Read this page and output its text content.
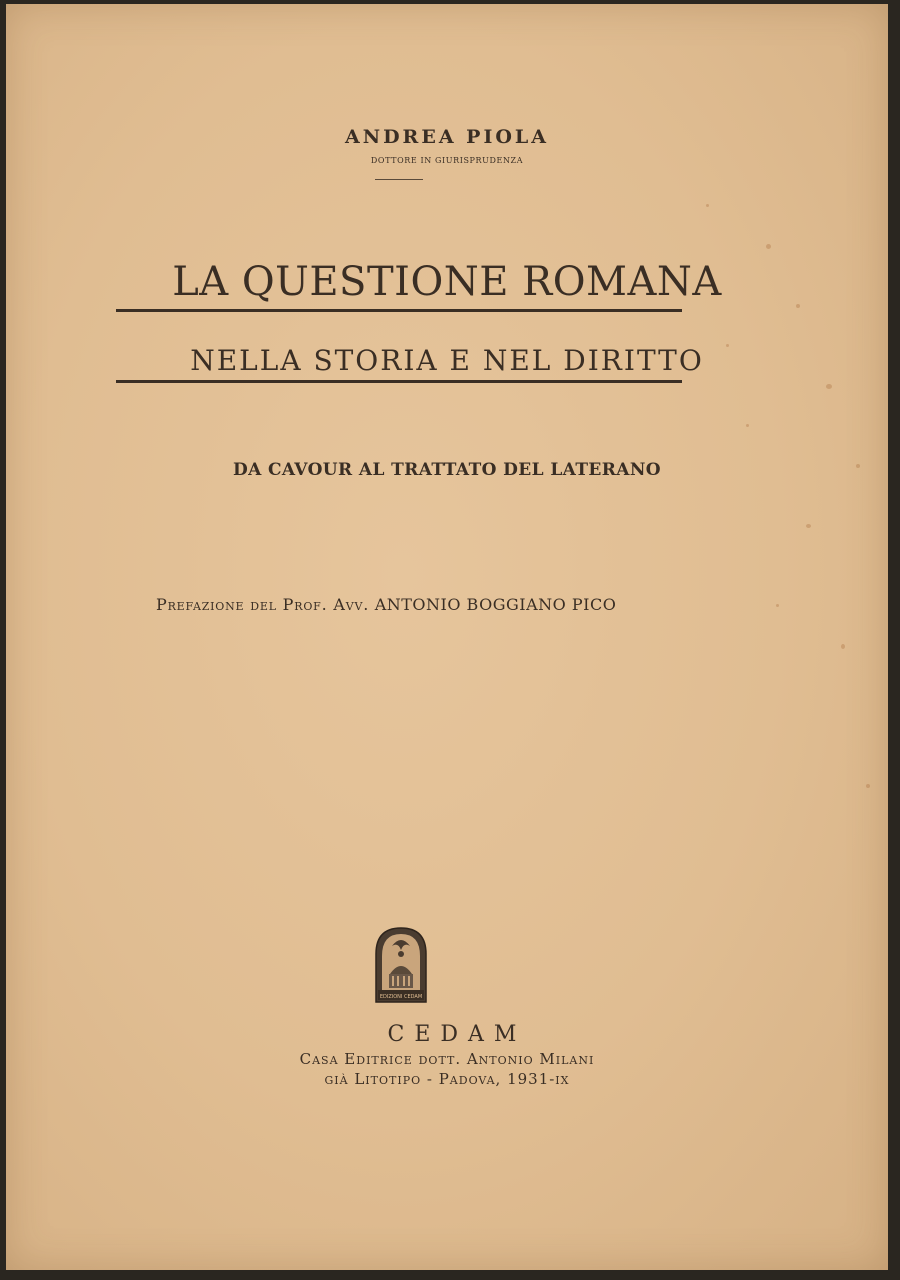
ANDREA PIOLA
DOTTORE IN GIURISPRUDENZA
LA QUESTIONE ROMANA
NELLA STORIA E NEL DIRITTO
DA CAVOUR AL TRATTATO DEL LATERANO
Prefazione del Prof. Avv. ANTONIO BOGGIANO PICO
EDIZIONI CEDAM
CEDAM
Casa Editrice dott. Antonio Milani
già Litotipo - Padova, 1931-ix
